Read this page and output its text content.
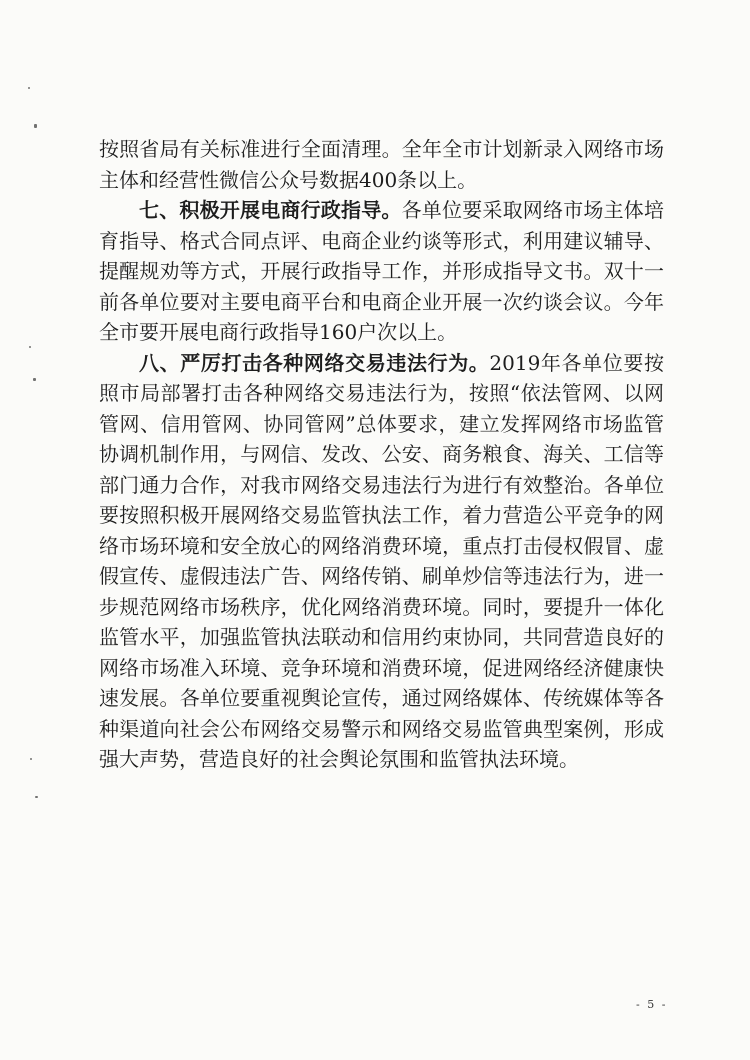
按照省局有关标准进行全面清理。全年全市计划新录入网络市场主体和经营性微信公众号数据400条以上。

七、积极开展电商行政指导。各单位要采取网络市场主体培育指导、格式合同点评、电商企业约谈等形式，利用建议辅导、提醒规劝等方式，开展行政指导工作，并形成指导文书。双十一前各单位要对主要电商平台和电商企业开展一次约谈会议。今年全市要开展电商行政指导160户次以上。

八、严厉打击各种网络交易违法行为。2019年各单位要按照市局部署打击各种网络交易违法行为，按照“依法管网、以网管网、信用管网、协同管网”总体要求，建立发挥网络市场监管协调机制作用，与网信、发改、公安、商务粮食、海关、工信等部门通力合作，对我市网络交易违法行为进行有效整治。各单位要按照积极开展网络交易监管执法工作，着力营造公平竞争的网络市场环境和安全放心的网络消费环境，重点打击侵权假冒、虚假宣传、虚假违法广告、网络传销、刷单炒信等违法行为，进一步规范网络市场秩序，优化网络消费环境。同时，要提升一体化监管水平，加强监管执法联动和信用约束协同，共同营造良好的网络市场准入环境、竞争环境和消费环境，促进网络经济健康快速发展。各单位要重视舆论宣传，通过网络媒体、传统媒体等各种渠道向社会公布网络交易警示和网络交易监管典型案例，形成强大声势，营造良好的社会舆论氛围和监管执法环境。

- 5 -
